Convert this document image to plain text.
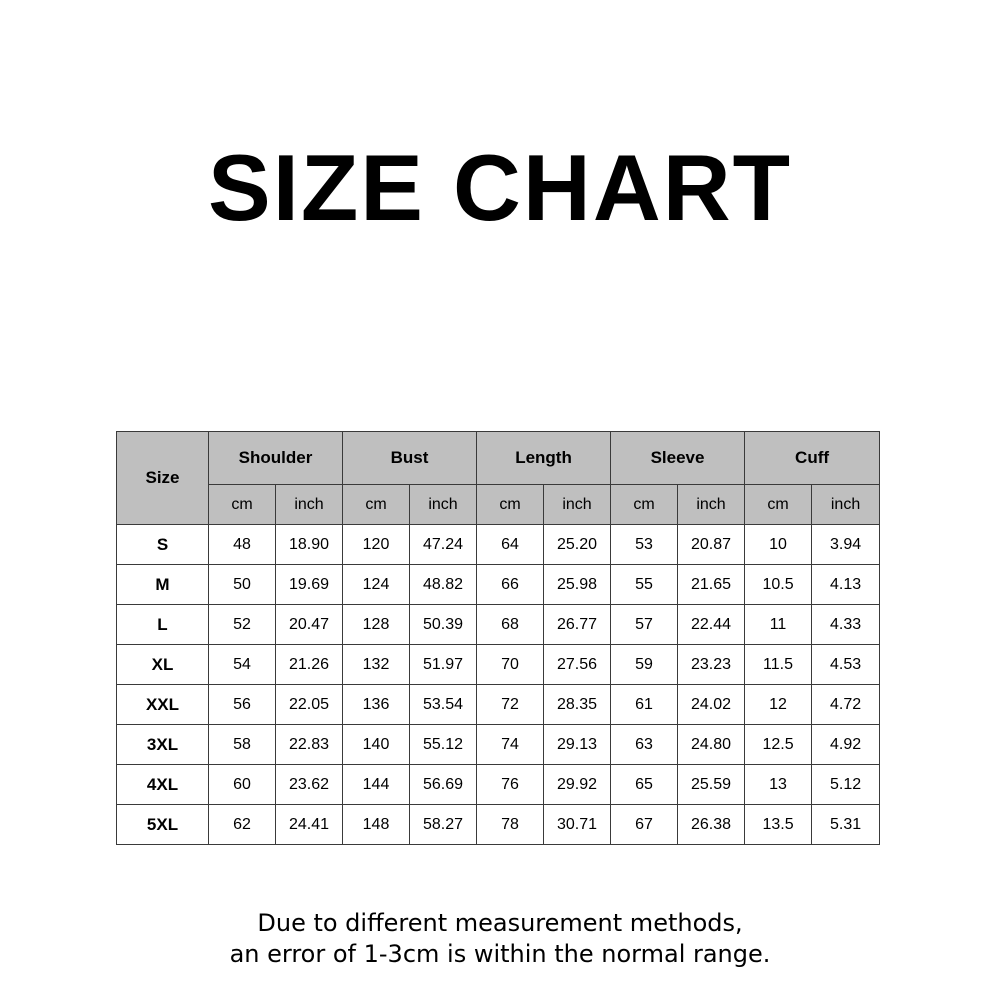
SIZE CHART
Size	Shoulder		Bust		Length		Sleeve		Cuff	
	cm	inch	cm	inch	cm	inch	cm	inch	cm	inch
S	48	18.90	120	47.24	64	25.20	53	20.87	10	3.94
M	50	19.69	124	48.82	66	25.98	55	21.65	10.5	4.13
L	52	20.47	128	50.39	68	26.77	57	22.44	11	4.33
XL	54	21.26	132	51.97	70	27.56	59	23.23	11.5	4.53
XXL	56	22.05	136	53.54	72	28.35	61	24.02	12	4.72
3XL	58	22.83	140	55.12	74	29.13	63	24.80	12.5	4.92
4XL	60	23.62	144	56.69	76	29.92	65	25.59	13	5.12
5XL	62	24.41	148	58.27	78	30.71	67	26.38	13.5	5.31
Due to different measurement methods,
an error of 1-3cm is within the normal range.
